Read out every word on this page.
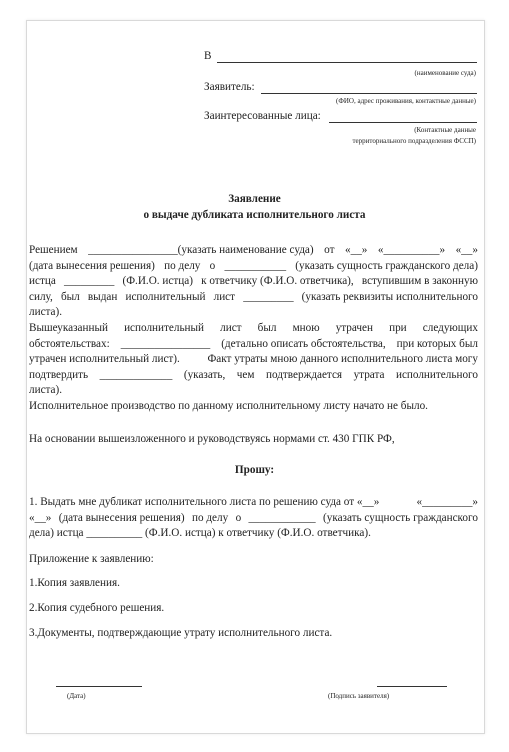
В
(наименование суда)
Заявитель:
(ФИО, адрес проживания, контактные данные)
Заинтересованные лица:
(Контактные данные
территориального подразделения ФССП)
Заявление
о выдаче дубликата исполнительного листа
Решением ________________(указать наименование суда) от «__» «__________» «__»
(дата вынесения решения) по делу о ___________ (указать сущность гражданского дела)
истца _________ (Ф.И.О. истца) к ответчику (Ф.И.О. ответчика), вступившим в законную
силу, был выдан исполнительный лист _________ (указать реквизиты исполнительного
листа).
Вышеуказанный исполнительный лист был мною утрачен при следующих
обстоятельствах: ________________ (детально описать обстоятельства, при которых был
утрачен исполнительный лист). Факт утраты мною данного исполнительного листа могу
подтвердить _____________ (указать, чем подтверждается утрата исполнительного
листа).
Исполнительное производство по данному исполнительному листу начато не было.
На основании вышеизложенного и руководствуясь нормами ст. 430 ГПК РФ,
Прошу:
1. Выдать мне дубликат исполнительного листа по решению суда от «__»	«_________»
«__» (дата вынесения решения) по делу о ____________ (указать сущность гражданского
дела) истца __________ (Ф.И.О. истца) к ответчику (Ф.И.О. ответчика).
Приложение к заявлению:
1.Копия заявления.
2.Копия судебного решения.
3.Документы, подтверждающие утрату исполнительного листа.
(Дата)	(Подпись заявителя)
